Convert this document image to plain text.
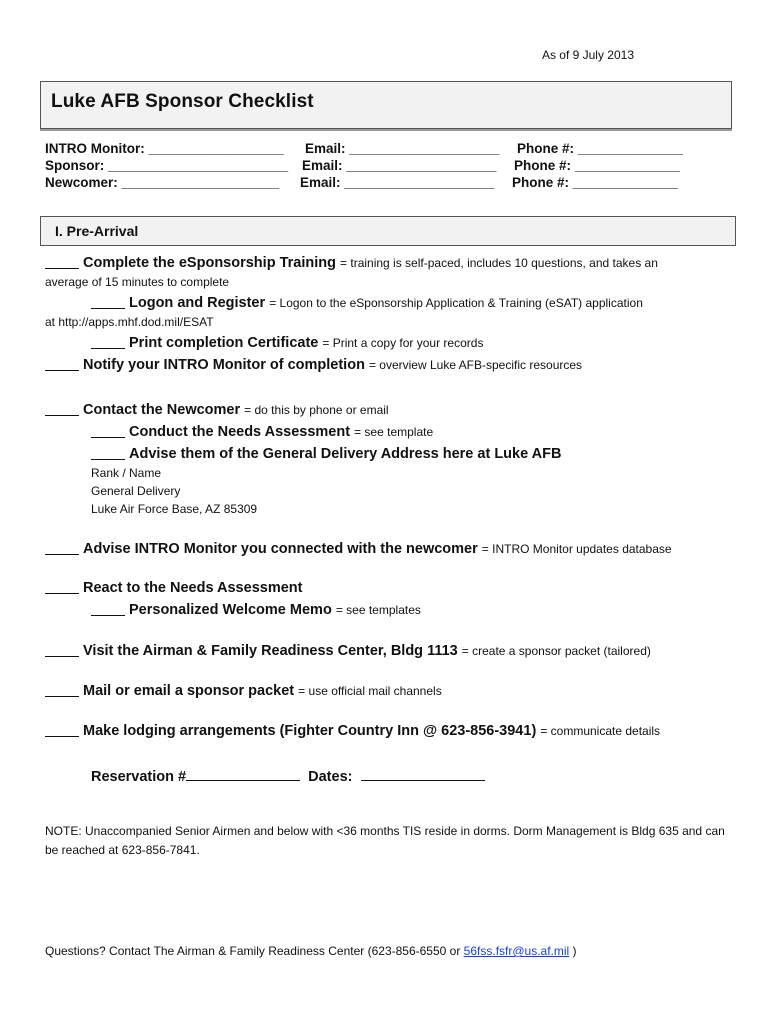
As of 9 July 2013
Luke AFB Sponsor Checklist
INTRO Monitor: __________________ Email: ____________________ Phone #: ______________
Sponsor: ________________________ Email: ____________________ Phone #: ______________
Newcomer: _____________________ Email: ____________________ Phone #: ______________
I. Pre-Arrival
Complete the eSponsorship Training = training is self-paced, includes 10 questions, and takes an
average of 15 minutes to complete
Logon and Register = Logon to the eSponsorship Application & Training (eSAT) application
at http://apps.mhf.dod.mil/ESAT
Print completion Certificate = Print a copy for your records
Notify your INTRO Monitor of completion = overview Luke AFB-specific resources
Contact the Newcomer = do this by phone or email
Conduct the Needs Assessment = see template
Advise them of the General Delivery Address here at Luke AFB
Rank / Name
General Delivery
Luke Air Force Base, AZ 85309
Advise INTRO Monitor you connected with the newcomer = INTRO Monitor updates database
React to the Needs Assessment
Personalized Welcome Memo = see templates
Visit the Airman & Family Readiness Center, Bldg 1113 = create a sponsor packet (tailored)
Mail or email a sponsor packet = use official mail channels
Make lodging arrangements (Fighter Country Inn @ 623-856-3941) = communicate details
Reservation #	Dates:
NOTE: Unaccompanied Senior Airmen and below with <36 months TIS reside in dorms. Dorm Management is Bldg 635 and can be reached at 623-856-7841.
Questions? Contact The Airman & Family Readiness Center (623-856-6550 or 56fss.fsfr@us.af.mil )
